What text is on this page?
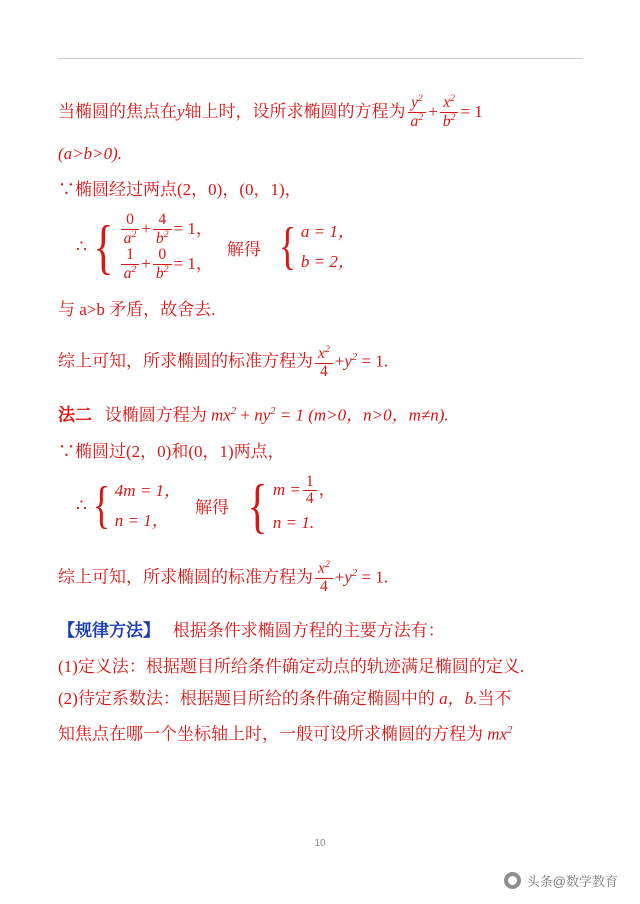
当椭圆的焦点在y轴上时，设所求椭圆的方程为 $\frac{y^2}{a^2} + \frac{x^2}{b^2} = 1$
(a>b>0).
∵椭圆经过两点(2，0)，(0，1)，
∴ { $\frac{0}{a^2} + \frac{4}{b^2} = 1$，

$\frac{1}{a^2} + \frac{0}{b^2} = 1$，
解得 { a = 1，
b = 2，
与 a>b 矛盾，故舍去.
综上可知，所求椭圆的标准方程为 $\frac{x^2}{4} +y^2 = 1$.
法二 设椭圆方程为 $mx^2 + ny^2 = 1$ (m>0，n>0，m≠n).
∵椭圆过(2，0)和(0，1)两点，
∴ { 4m = 1，
n = 1，
解得 { $m = \frac{1}{4}$ ，
n = 1.
综上可知，所求椭圆的标准方程为 $\frac{x^2}{4} +y^2 = 1$.
【规律方法】 根据条件求椭圆方程的主要方法有：
(1)定义法：根据题目所给条件确定动点的轨迹满足椭圆的定义.
(2)待定系数法：根据题目所给的条件确定椭圆中的 a，b.当不
知焦点在哪一个坐标轴上时，一般可设所求椭圆的方程为 $mx^2$
10
头条@数学教育
